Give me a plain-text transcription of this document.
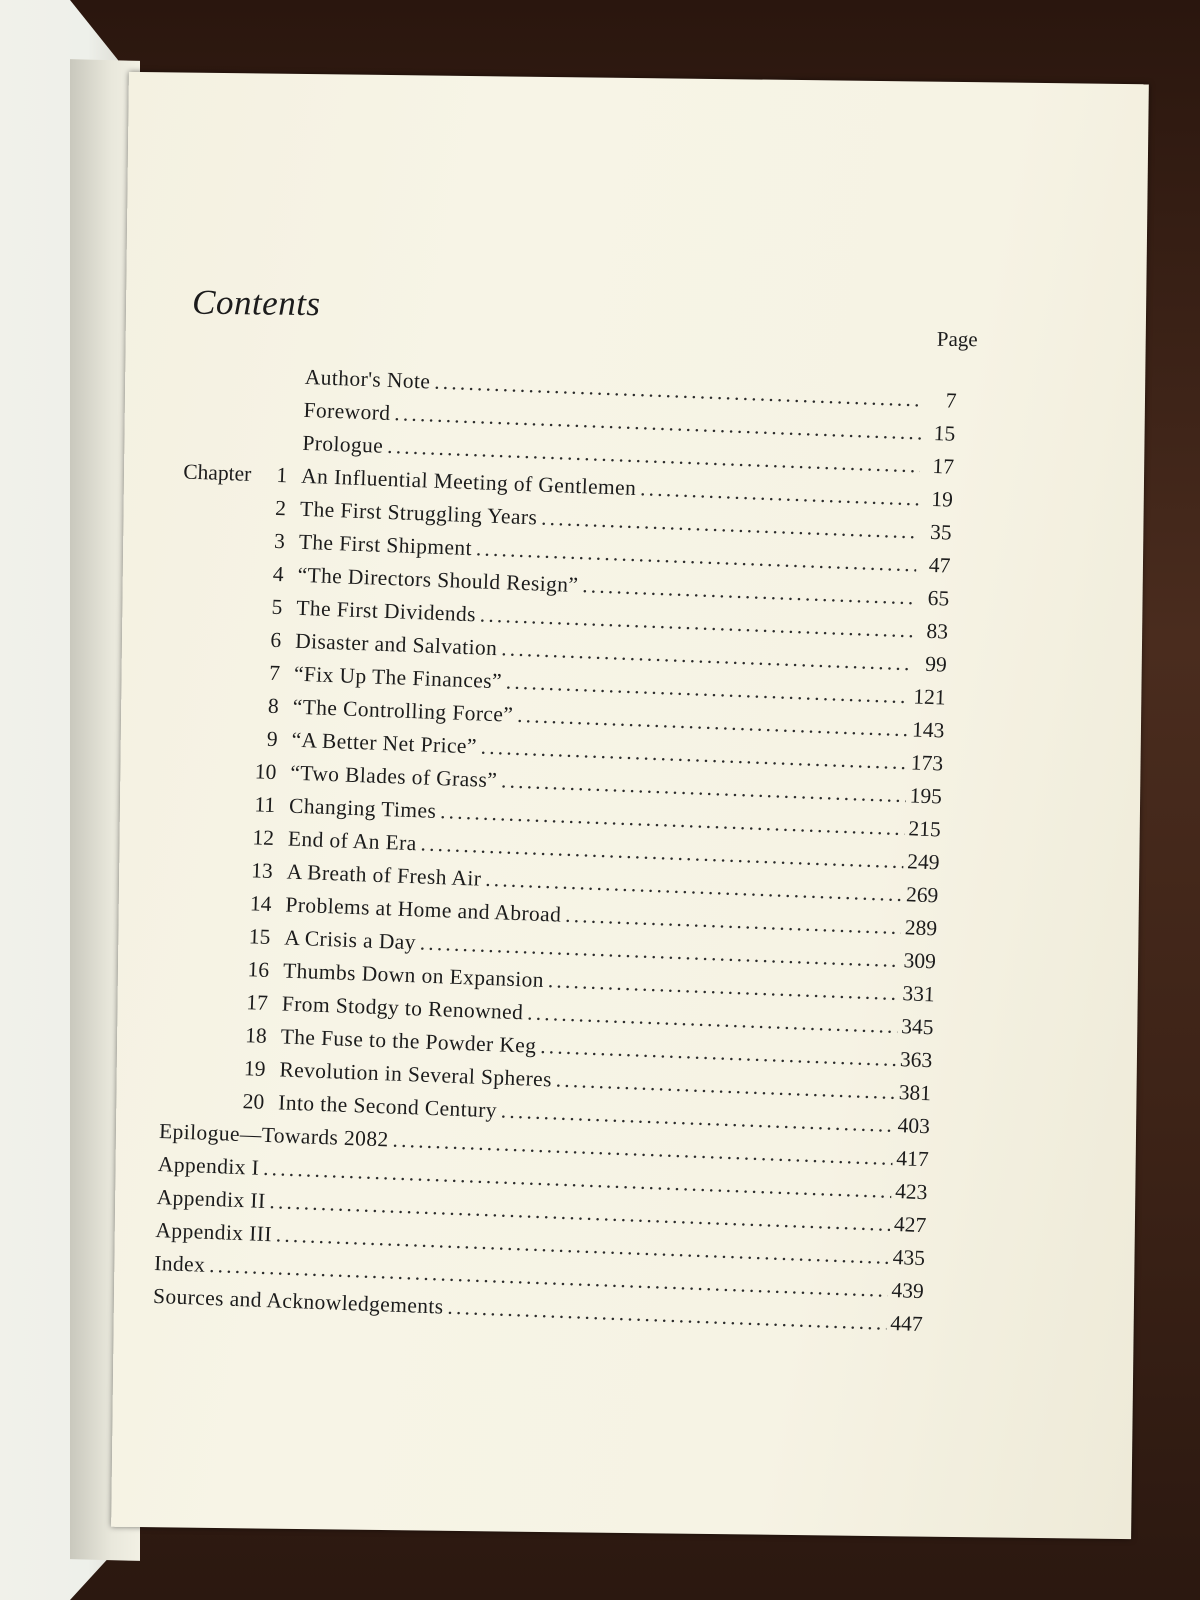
Contents
Page
Author's Note
.....
7
Foreword
.....
15
Prologue
.....
17
Chapter 1 An Influential Meeting of Gentlemen
.....	19
2 The First Struggling Years
.....
35
3 The First Shipment
.....
47
4 “The Directors Should Resign”
.....
65
5 The First Dividends
.....
83
6 Disaster and Salvation
.....
99
7 “Fix Up The Finances”
.....
121
8 “The Controlling Force”
.....
143
9 “A Better Net Price”
.....
173
10 “Two Blades of Grass”
.....
195
11 Changing Times
.....
215
12 End of An Era
.....
249
13 A Breath of Fresh Air
.....
269
14 Problems at Home and Abroad
.....
289
15 A Crisis a Day
.....
309
16 Thumbs Down on Expansion
.....
331
17 From Stodgy to Renowned
.....
345
18 The Fuse to the Powder Keg
.....
363
19 Revolution in Several Spheres
.....
381
20 Into the Second Century
.....
403
Epilogue—Towards 2082
.....
417
Appendix I
.....
423
Appendix II
.....
427
Appendix III
.....
435
Index
.....
439
Sources and Acknowledgements
.....
447
